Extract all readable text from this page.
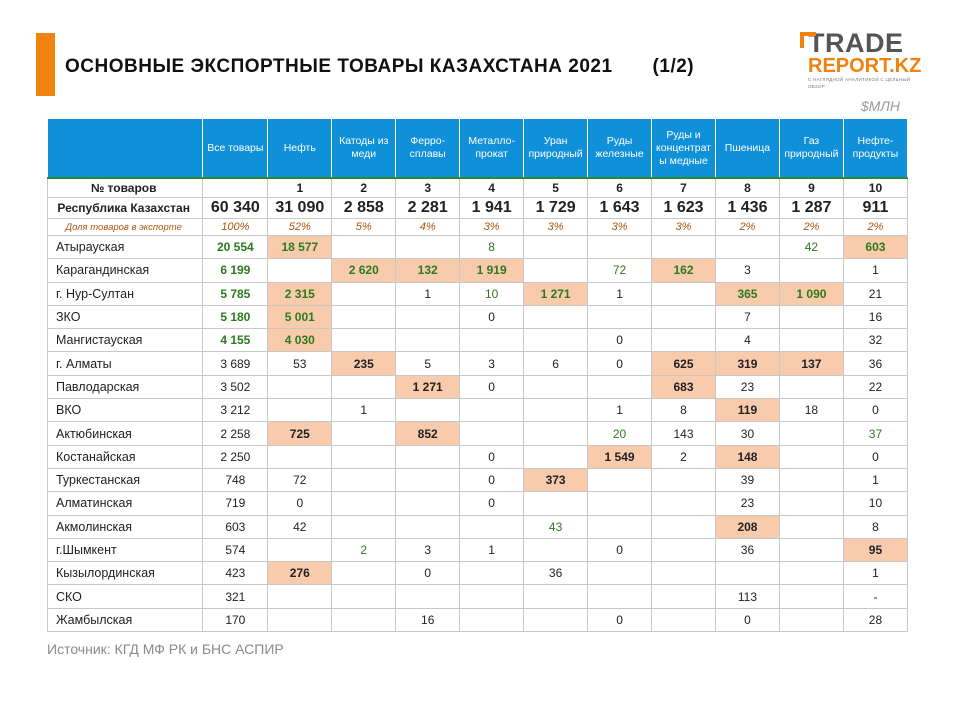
ОСНОВНЫЕ ЭКСПОРТНЫЕ ТОВАРЫ КАЗАХСТАНА 2021 (1/2)
TRADE
REPORT.KZ
С НАГЛЯДНОЙ АНАЛИТИКОЙ С ЦЕЛЬНЫЙ ОБЗОР
$МЛН
	Все товары	Нефть	Катоды из меди	Ферро-сплавы	Металло-прокат	Уран природный	Руды железные	Руды и концентрат ы медные	Пшеница	Газ природный	Нефте-продукты
№ товаров		1	2	3	4	5	6	7	8	9	10
Республика Казахстан	60 340	31 090	2 858	2 281	1 941	1 729	1 643	1 623	1 436	1 287	911
Доля товаров в экспорте	100%	52%	5%	4%	3%	3%	3%	3%	2%	2%	2%
Атырауская	20 554	18 577			8					42	603
Карагандинская	6 199		2 620	132	1 919		72	162	3		1
г. Нур-Султан	5 785	2 315		1	10	1 271	1		365	1 090	21
ЗКО	5 180	5 001			0				7		16
Мангистауская	4 155	4 030					0		4		32
г. Алматы	3 689	53	235	5	3	6	0	625	319	137	36
Павлодарская	3 502			1 271	0			683	23		22
ВКО	3 212		1				1	8	119	18	0
Актюбинская	2 258	725		852			20	143	30		37
Костанайская	2 250				0		1 549	2	148		0
Туркестанская	748	72			0	373			39		1
Алматинская	719	0			0				23		10
Акмолинская	603	42				43			208		8
г.Шымкент	574		2	3	1		0		36		95
Кызылординская	423	276		0		36					1
СКО	321								113		-
Жамбылская	170			16			0		0		28
Источник: КГД МФ РК и БНС АСПИР
